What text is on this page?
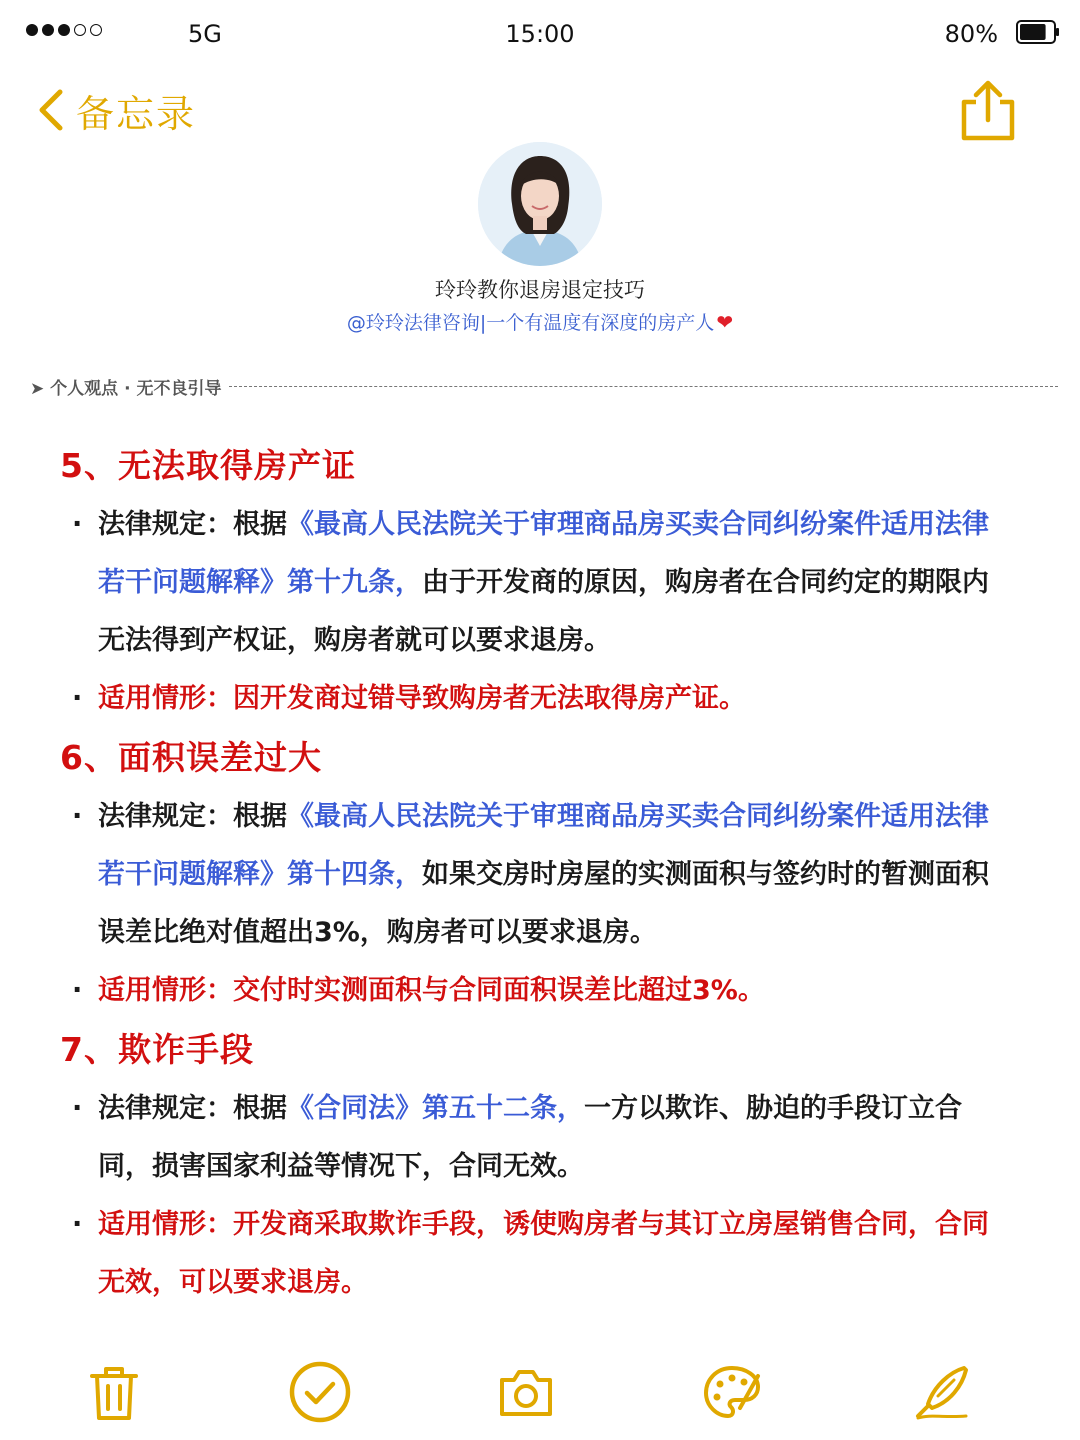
5G	15:00	80%
备忘录
玲玲教你退房退定技巧
@玲玲法律咨询|一个有温度有深度的房产人 ❤
➤ 个人观点 · 无不良引导
5、无法取得房产证
· 法律规定：根据《最高人民法院关于审理商品房买卖合同纠纷案件适用法律若干问题解释》第十九条，由于开发商的原因，购房者在合同约定的期限内无法得到产权证，购房者就可以要求退房。
· 适用情形：因开发商过错导致购房者无法取得房产证。
6、面积误差过大
· 法律规定：根据《最高人民法院关于审理商品房买卖合同纠纷案件适用法律若干问题解释》第十四条，如果交房时房屋的实测面积与签约时的暂测面积误差比绝对值超出3%，购房者可以要求退房。
· 适用情形：交付时实测面积与合同面积误差比超过3%。
7、欺诈手段
· 法律规定：根据《合同法》第五十二条，一方以欺诈、胁迫的手段订立合同，损害国家利益等情况下，合同无效。
· 适用情形：开发商采取欺诈手段，诱使购房者与其订立房屋销售合同，合同无效，可以要求退房。
